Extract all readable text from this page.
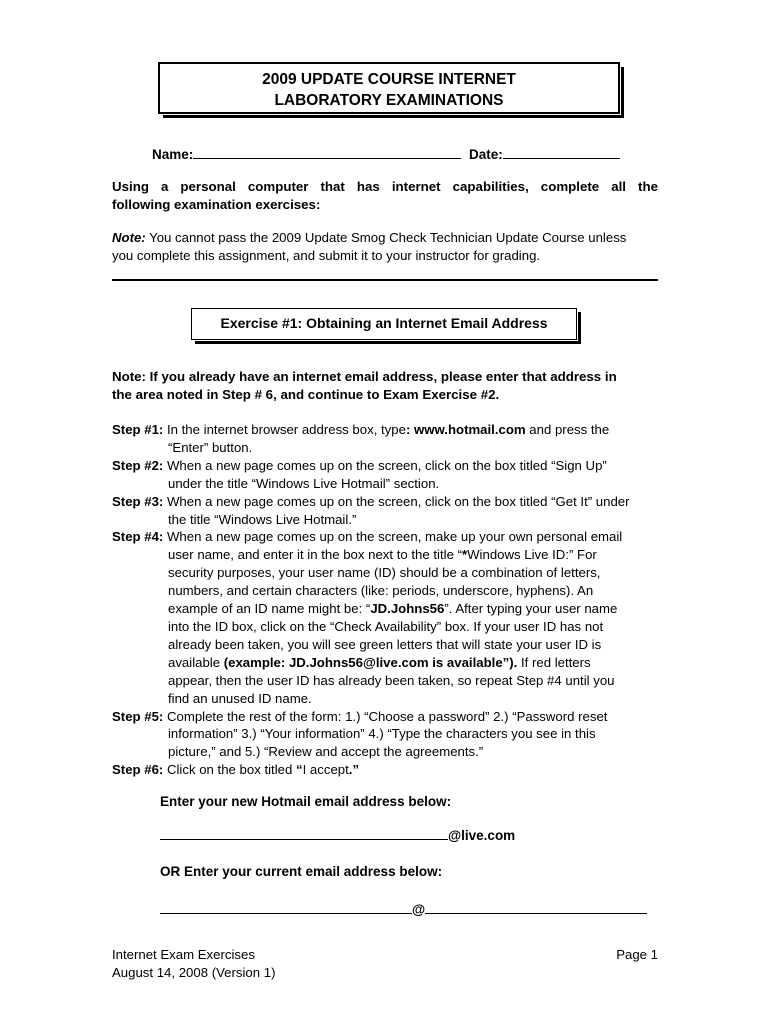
2009 UPDATE COURSE INTERNET
LABORATORY EXAMINATIONS
Name:	Date:
Using a personal computer that has internet capabilities, complete all the
following examination exercises:
Note: You cannot pass the 2009 Update Smog Check Technician Update Course unless
you complete this assignment, and submit it to your instructor for grading.
Exercise #1: Obtaining an Internet Email Address
Note: If you already have an internet email address, please enter that address in
the area noted in Step # 6, and continue to Exam Exercise #2.
Step #1: In the internet browser address box, type: www.hotmail.com and press the
“Enter” button.
Step #2: When a new page comes up on the screen, click on the box titled “Sign Up”
under the title “Windows Live Hotmail” section.
Step #3: When a new page comes up on the screen, click on the box titled “Get It” under
the title “Windows Live Hotmail.”
Step #4: When a new page comes up on the screen, make up your own personal email
user name, and enter it in the box next to the title “*Windows Live ID:” For
security purposes, your user name (ID) should be a combination of letters,
numbers, and certain characters (like: periods, underscore, hyphens). An
example of an ID name might be: “JD.Johns56”. After typing your user name
into the ID box, click on the “Check Availability” box. If your user ID has not
already been taken, you will see green letters that will state your user ID is
available (example: JD.Johns56@live.com is available”). If red letters
appear, then the user ID has already been taken, so repeat Step #4 until you
find an unused ID name.
Step #5: Complete the rest of the form: 1.) “Choose a password” 2.) “Password reset
information” 3.) “Your information” 4.) “Type the characters you see in this
picture,” and 5.) “Review and accept the agreements.”
Step #6: Click on the box titled “I accept.”
Enter your new Hotmail email address below:
@live.com
OR Enter your current email address below:
@
Internet Exam Exercises
August 14, 2008 (Version 1)
Page 1
